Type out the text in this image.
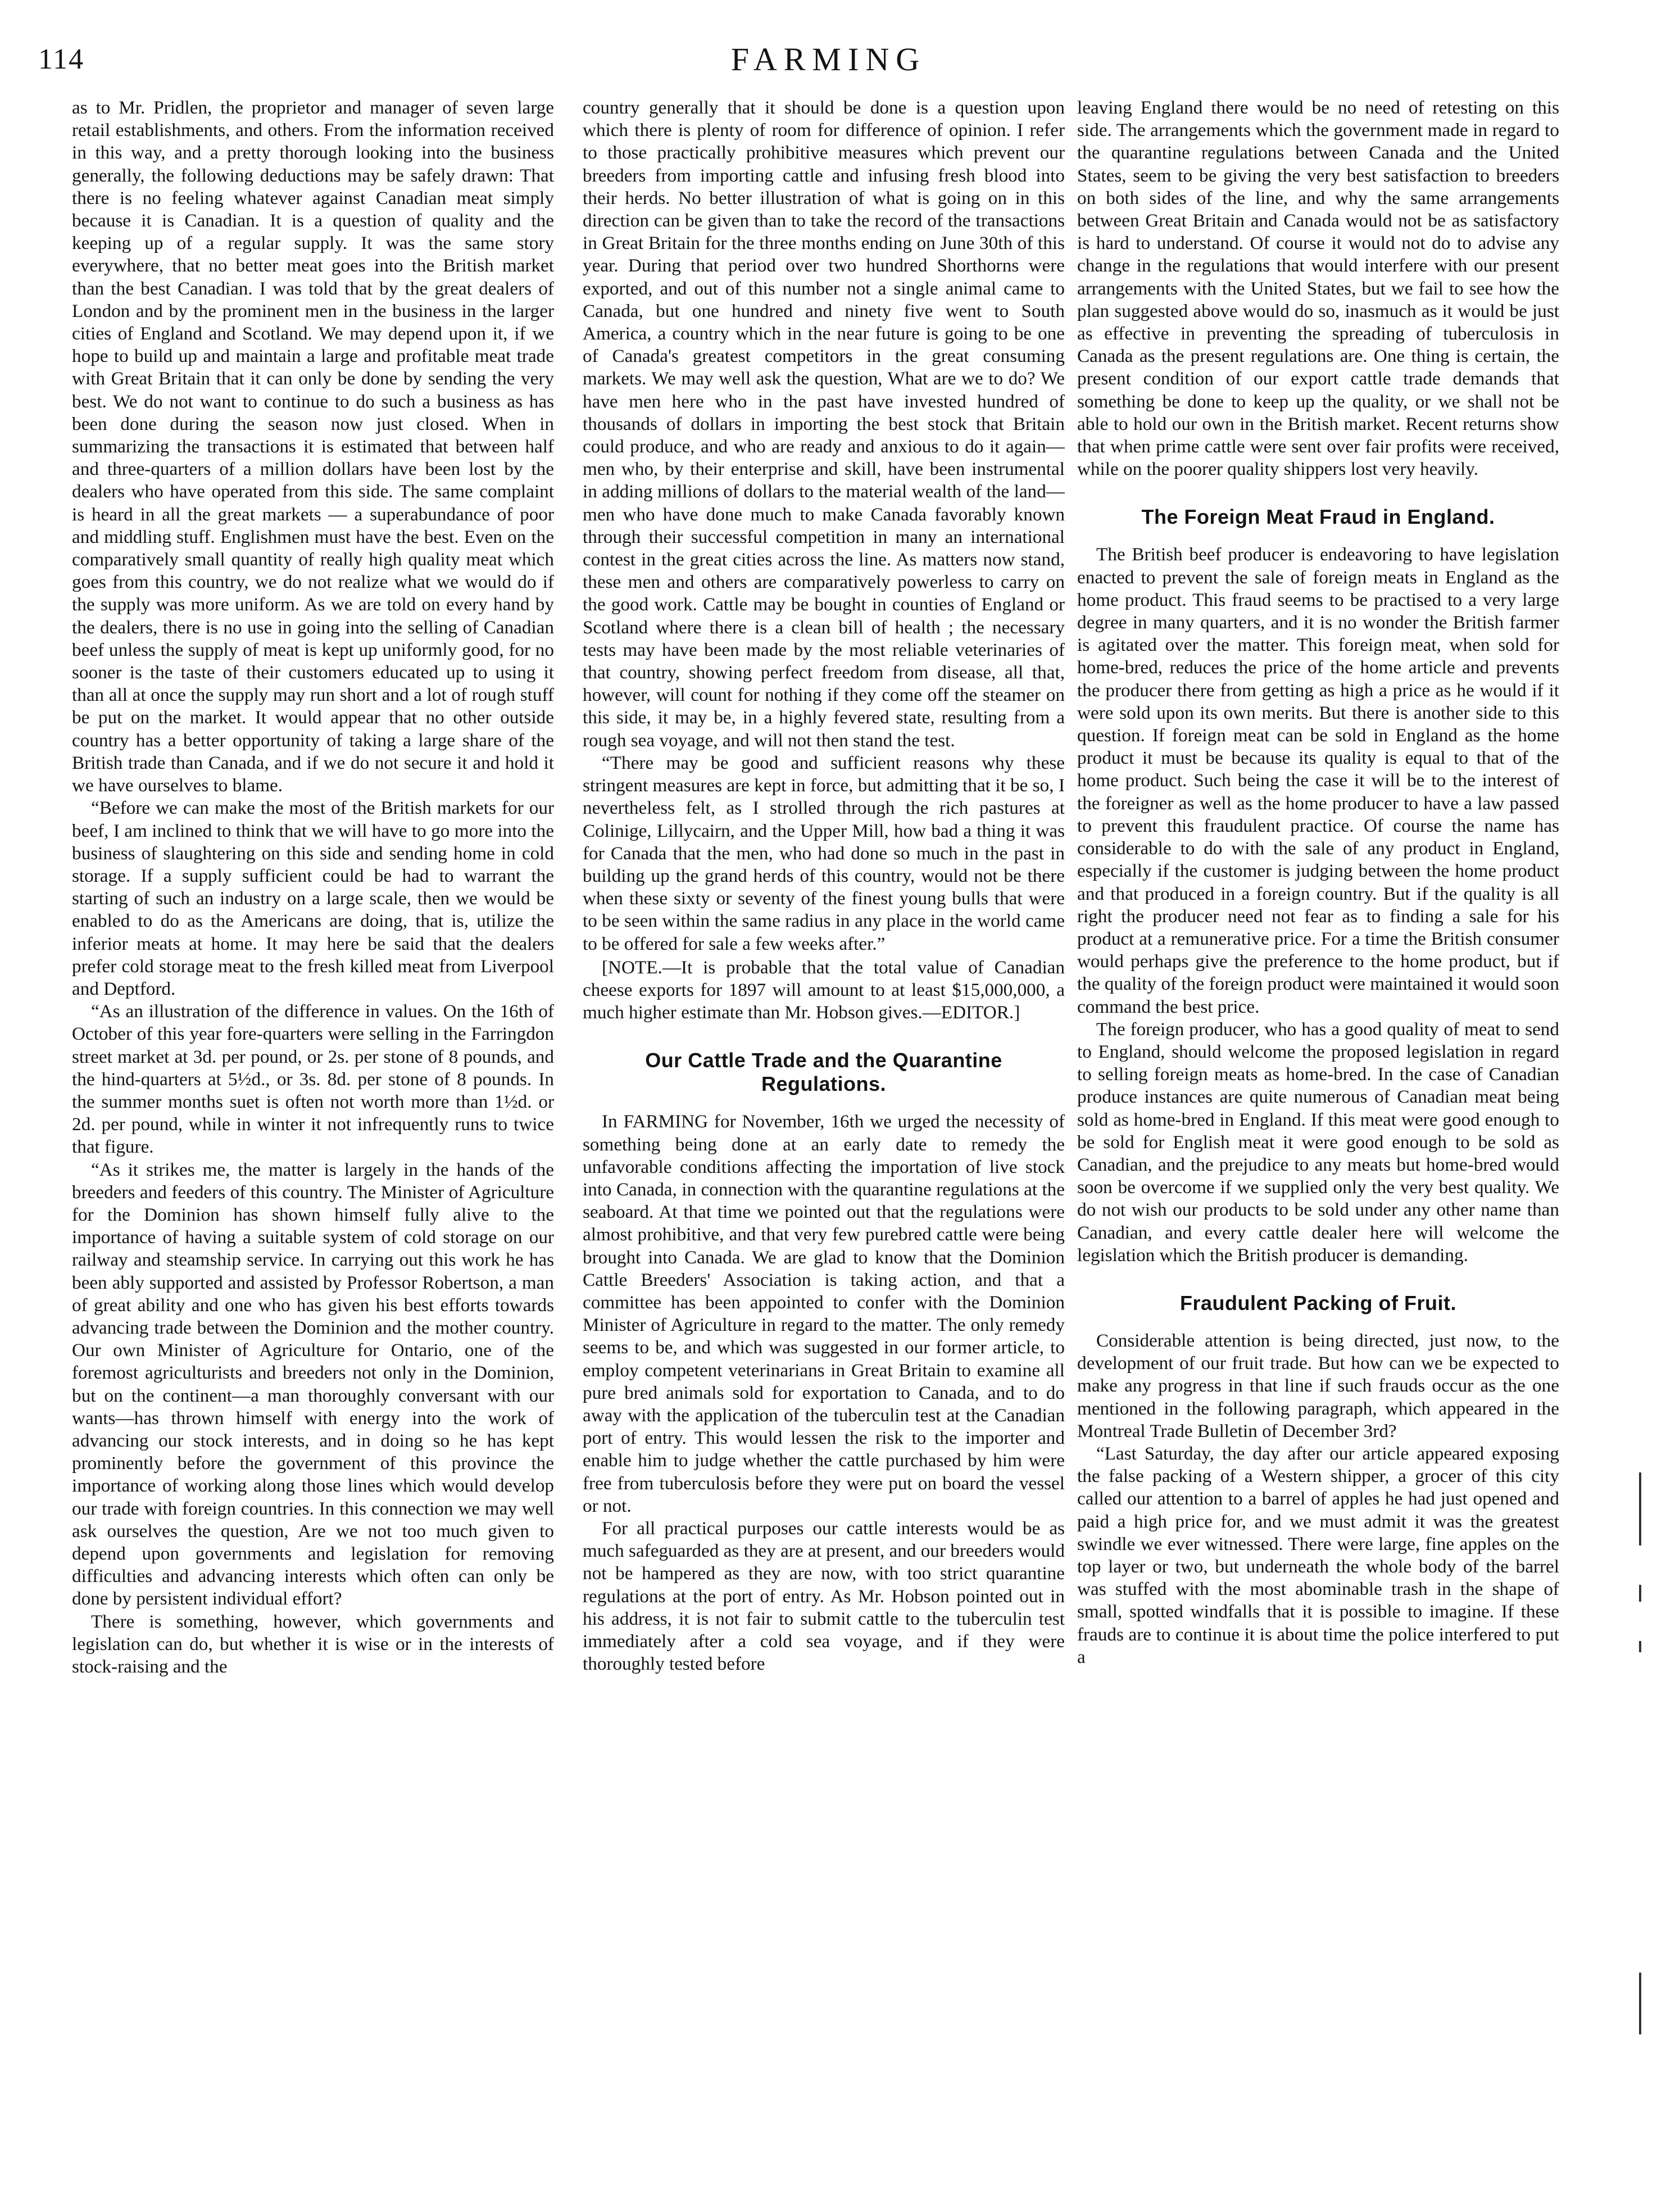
114	FARMING

as to Mr. Pridlen, the proprietor and manager of seven large retail establishments, and others. From the information received in this way, and a pretty thorough looking into the business generally, the following deductions may be safely drawn: That there is no feeling whatever against Canadian meat simply because it is Canadian. It is a question of quality and the keeping up of a regular supply. It was the same story everywhere, that no better meat goes into the British market than the best Canadian. I was told that by the great dealers of London and by the prominent men in the business in the larger cities of England and Scotland. We may depend upon it, if we hope to build up and maintain a large and profitable meat trade with Great Britain that it can only be done by sending the very best. We do not want to continue to do such a business as has been done during the season now just closed. When in summarizing the transactions it is estimated that between half and three-quarters of a million dollars have been lost by the dealers who have operated from this side. The same complaint is heard in all the great markets — a superabundance of poor and middling stuff. Englishmen must have the best. Even on the comparatively small quantity of really high quality meat which goes from this country, we do not realize what we would do if the supply was more uniform. As we are told on every hand by the dealers, there is no use in going into the selling of Canadian beef unless the supply of meat is kept up uniformly good, for no sooner is the taste of their customers educated up to using it than all at once the supply may run short and a lot of rough stuff be put on the market. It would appear that no other outside country has a better opportunity of taking a large share of the British trade than Canada, and if we do not secure it and hold it we have ourselves to blame.

“Before we can make the most of the British markets for our beef, I am inclined to think that we will have to go more into the business of slaughtering on this side and sending home in cold storage. If a supply sufficient could be had to warrant the starting of such an industry on a large scale, then we would be enabled to do as the Americans are doing, that is, utilize the inferior meats at home. It may here be said that the dealers prefer cold storage meat to the fresh killed meat from Liverpool and Deptford.

“As an illustration of the difference in values. On the 16th of October of this year fore-quarters were selling in the Farringdon street market at 3d. per pound, or 2s. per stone of 8 pounds, and the hind-quarters at 5½d., or 3s. 8d. per stone of 8 pounds. In the summer months suet is often not worth more than 1½d. or 2d. per pound, while in winter it not infrequently runs to twice that figure.

“As it strikes me, the matter is largely in the hands of the breeders and feeders of this country. The Minister of Agriculture for the Dominion has shown himself fully alive to the importance of having a suitable system of cold storage on our railway and steamship service. In carrying out this work he has been ably supported and assisted by Professor Robertson, a man of great ability and one who has given his best efforts towards advancing trade between the Dominion and the mother country. Our own Minister of Agriculture for Ontario, one of the foremost agriculturists and breeders not only in the Dominion, but on the continent—a man thoroughly conversant with our wants—has thrown himself with energy into the work of advancing our stock interests, and in doing so he has kept prominently before the government of this province the importance of working along those lines which would develop our trade with foreign countries. In this connection we may well ask ourselves the question, Are we not too much given to depend upon governments and legislation for removing difficulties and advancing interests which often can only be done by persistent individual effort?

There is something, however, which governments and legislation can do, but whether it is wise or in the interests of stock-raising and the

country generally that it should be done is a question upon which there is plenty of room for difference of opinion. I refer to those practically prohibitive measures which prevent our breeders from importing cattle and infusing fresh blood into their herds. No better illustration of what is going on in this direction can be given than to take the record of the transactions in Great Britain for the three months ending on June 30th of this year. During that period over two hundred Shorthorns were exported, and out of this number not a single animal came to Canada, but one hundred and ninety five went to South America, a country which in the near future is going to be one of Canada's greatest competitors in the great consuming markets. We may well ask the question, What are we to do? We have men here who in the past have invested hundred of thousands of dollars in importing the best stock that Britain could produce, and who are ready and anxious to do it again—men who, by their enterprise and skill, have been instrumental in adding millions of dollars to the material wealth of the land—men who have done much to make Canada favorably known through their successful competition in many an international contest in the great cities across the line. As matters now stand, these men and others are comparatively powerless to carry on the good work. Cattle may be bought in counties of England or Scotland where there is a clean bill of health ; the necessary tests may have been made by the most reliable veterinaries of that country, showing perfect freedom from disease, all that, however, will count for nothing if they come off the steamer on this side, it may be, in a highly fevered state, resulting from a rough sea voyage, and will not then stand the test.

“There may be good and sufficient reasons why these stringent measures are kept in force, but admitting that it be so, I nevertheless felt, as I strolled through the rich pastures at Colinige, Lillycairn, and the Upper Mill, how bad a thing it was for Canada that the men, who had done so much in the past in building up the grand herds of this country, would not be there when these sixty or seventy of the finest young bulls that were to be seen within the same radius in any place in the world came to be offered for sale a few weeks after.”

[NOTE.—It is probable that the total value of Canadian cheese exports for 1897 will amount to at least $15,000,000, a much higher estimate than Mr. Hobson gives.—EDITOR.]

Our Cattle Trade and the Quarantine Regulations.

In FARMING for November, 16th we urged the necessity of something being done at an early date to remedy the unfavorable conditions affecting the importation of live stock into Canada, in connection with the quarantine regulations at the seaboard. At that time we pointed out that the regulations were almost prohibitive, and that very few purebred cattle were being brought into Canada. We are glad to know that the Dominion Cattle Breeders' Association is taking action, and that a committee has been appointed to confer with the Dominion Minister of Agriculture in regard to the matter. The only remedy seems to be, and which was suggested in our former article, to employ competent veterinarians in Great Britain to examine all pure bred animals sold for exportation to Canada, and to do away with the application of the tuberculin test at the Canadian port of entry. This would lessen the risk to the importer and enable him to judge whether the cattle purchased by him were free from tuberculosis before they were put on board the vessel or not.

For all practical purposes our cattle interests would be as much safeguarded as they are at present, and our breeders would not be hampered as they are now, with too strict quarantine regulations at the port of entry. As Mr. Hobson pointed out in his address, it is not fair to submit cattle to the tuberculin test immediately after a cold sea voyage, and if they were thoroughly tested before

leaving England there would be no need of retesting on this side. The arrangements which the government made in regard to the quarantine regulations between Canada and the United States, seem to be giving the very best satisfaction to breeders on both sides of the line, and why the same arrangements between Great Britain and Canada would not be as satisfactory is hard to understand. Of course it would not do to advise any change in the regulations that would interfere with our present arrangements with the United States, but we fail to see how the plan suggested above would do so, inasmuch as it would be just as effective in preventing the spreading of tuberculosis in Canada as the present regulations are. One thing is certain, the present condition of our export cattle trade demands that something be done to keep up the quality, or we shall not be able to hold our own in the British market. Recent returns show that when prime cattle were sent over fair profits were received, while on the poorer quality shippers lost very heavily.

The Foreign Meat Fraud in England.

The British beef producer is endeavoring to have legislation enacted to prevent the sale of foreign meats in England as the home product. This fraud seems to be practised to a very large degree in many quarters, and it is no wonder the British farmer is agitated over the matter. This foreign meat, when sold for home-bred, reduces the price of the home article and prevents the producer there from getting as high a price as he would if it were sold upon its own merits. But there is another side to this question. If foreign meat can be sold in England as the home product it must be because its quality is equal to that of the home product. Such being the case it will be to the interest of the foreigner as well as the home producer to have a law passed to prevent this fraudulent practice. Of course the name has considerable to do with the sale of any product in England, especially if the customer is judging between the home product and that produced in a foreign country. But if the quality is all right the producer need not fear as to finding a sale for his product at a remunerative price. For a time the British consumer would perhaps give the preference to the home product, but if the quality of the foreign product were maintained it would soon command the best price.

The foreign producer, who has a good quality of meat to send to England, should welcome the proposed legislation in regard to selling foreign meats as home-bred. In the case of Canadian produce instances are quite numerous of Canadian meat being sold as home-bred in England. If this meat were good enough to be sold for English meat it were good enough to be sold as Canadian, and the prejudice to any meats but home-bred would soon be overcome if we supplied only the very best quality. We do not wish our products to be sold under any other name than Canadian, and every cattle dealer here will welcome the legislation which the British producer is demanding.

Fraudulent Packing of Fruit.

Considerable attention is being directed, just now, to the development of our fruit trade. But how can we be expected to make any progress in that line if such frauds occur as the one mentioned in the following paragraph, which appeared in the Montreal Trade Bulletin of December 3rd?

“Last Saturday, the day after our article appeared exposing the false packing of a Western shipper, a grocer of this city called our attention to a barrel of apples he had just opened and paid a high price for, and we must admit it was the greatest swindle we ever witnessed. There were large, fine apples on the top layer or two, but underneath the whole body of the barrel was stuffed with the most abominable trash in the shape of small, spotted windfalls that it is possible to imagine. If these frauds are to continue it is about time the police interfered to put a
